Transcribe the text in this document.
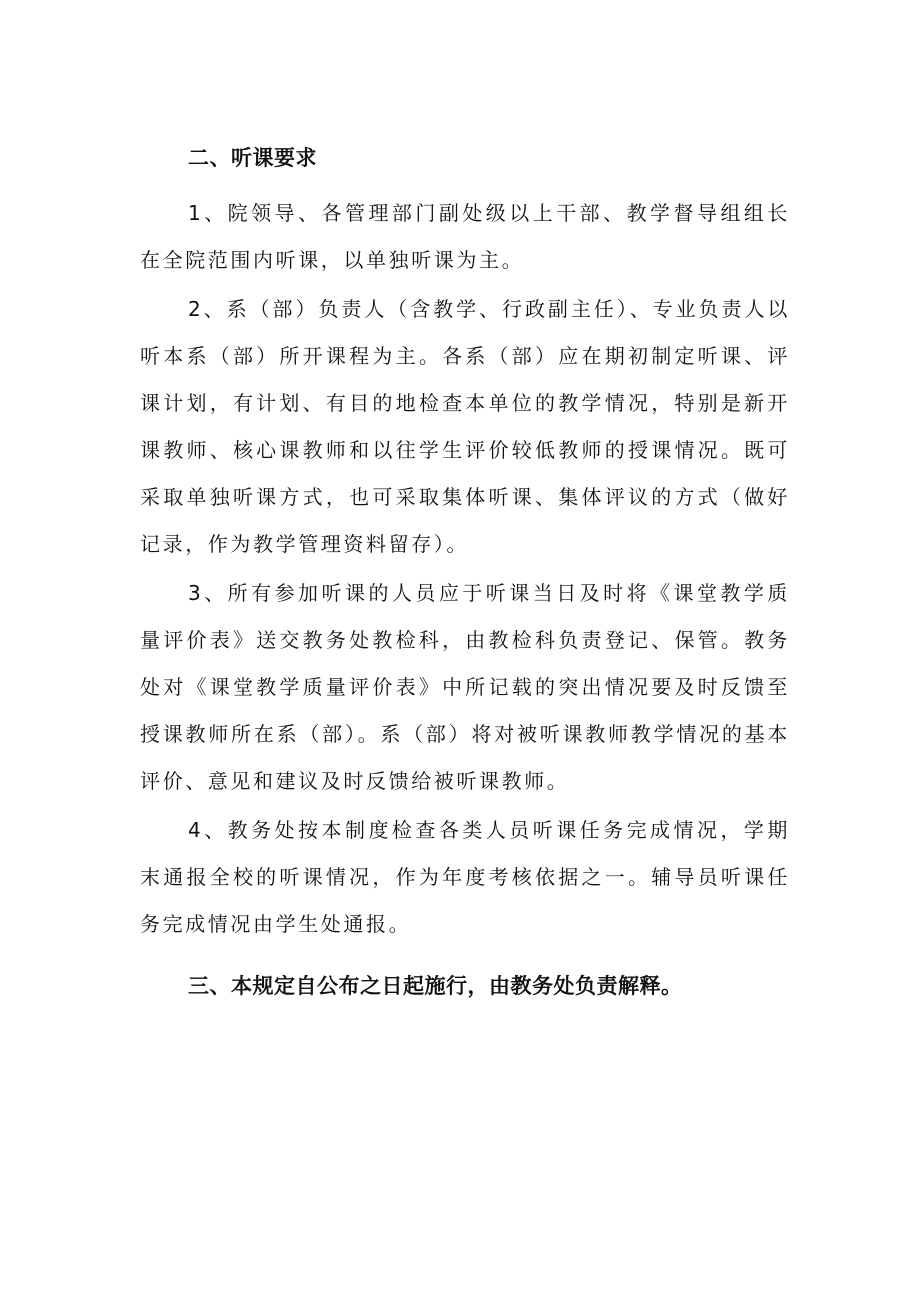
二、听课要求

1、院领导、各管理部门副处级以上干部、教学督导组组长在全院范围内听课，以单独听课为主。

2、系（部）负责人（含教学、行政副主任）、专业负责人以听本系（部）所开课程为主。各系（部）应在期初制定听课、评课计划，有计划、有目的地检查本单位的教学情况，特别是新开课教师、核心课教师和以往学生评价较低教师的授课情况。既可采取单独听课方式，也可采取集体听课、集体评议的方式（做好记录，作为教学管理资料留存）。

3、所有参加听课的人员应于听课当日及时将《课堂教学质量评价表》送交教务处教检科，由教检科负责登记、保管。教务处对《课堂教学质量评价表》中所记载的突出情况要及时反馈至授课教师所在系（部）。系（部）将对被听课教师教学情况的基本评价、意见和建议及时反馈给被听课教师。

4、教务处按本制度检查各类人员听课任务完成情况，学期末通报全校的听课情况，作为年度考核依据之一。辅导员听课任务完成情况由学生处通报。

三、本规定自公布之日起施行，由教务处负责解释。
